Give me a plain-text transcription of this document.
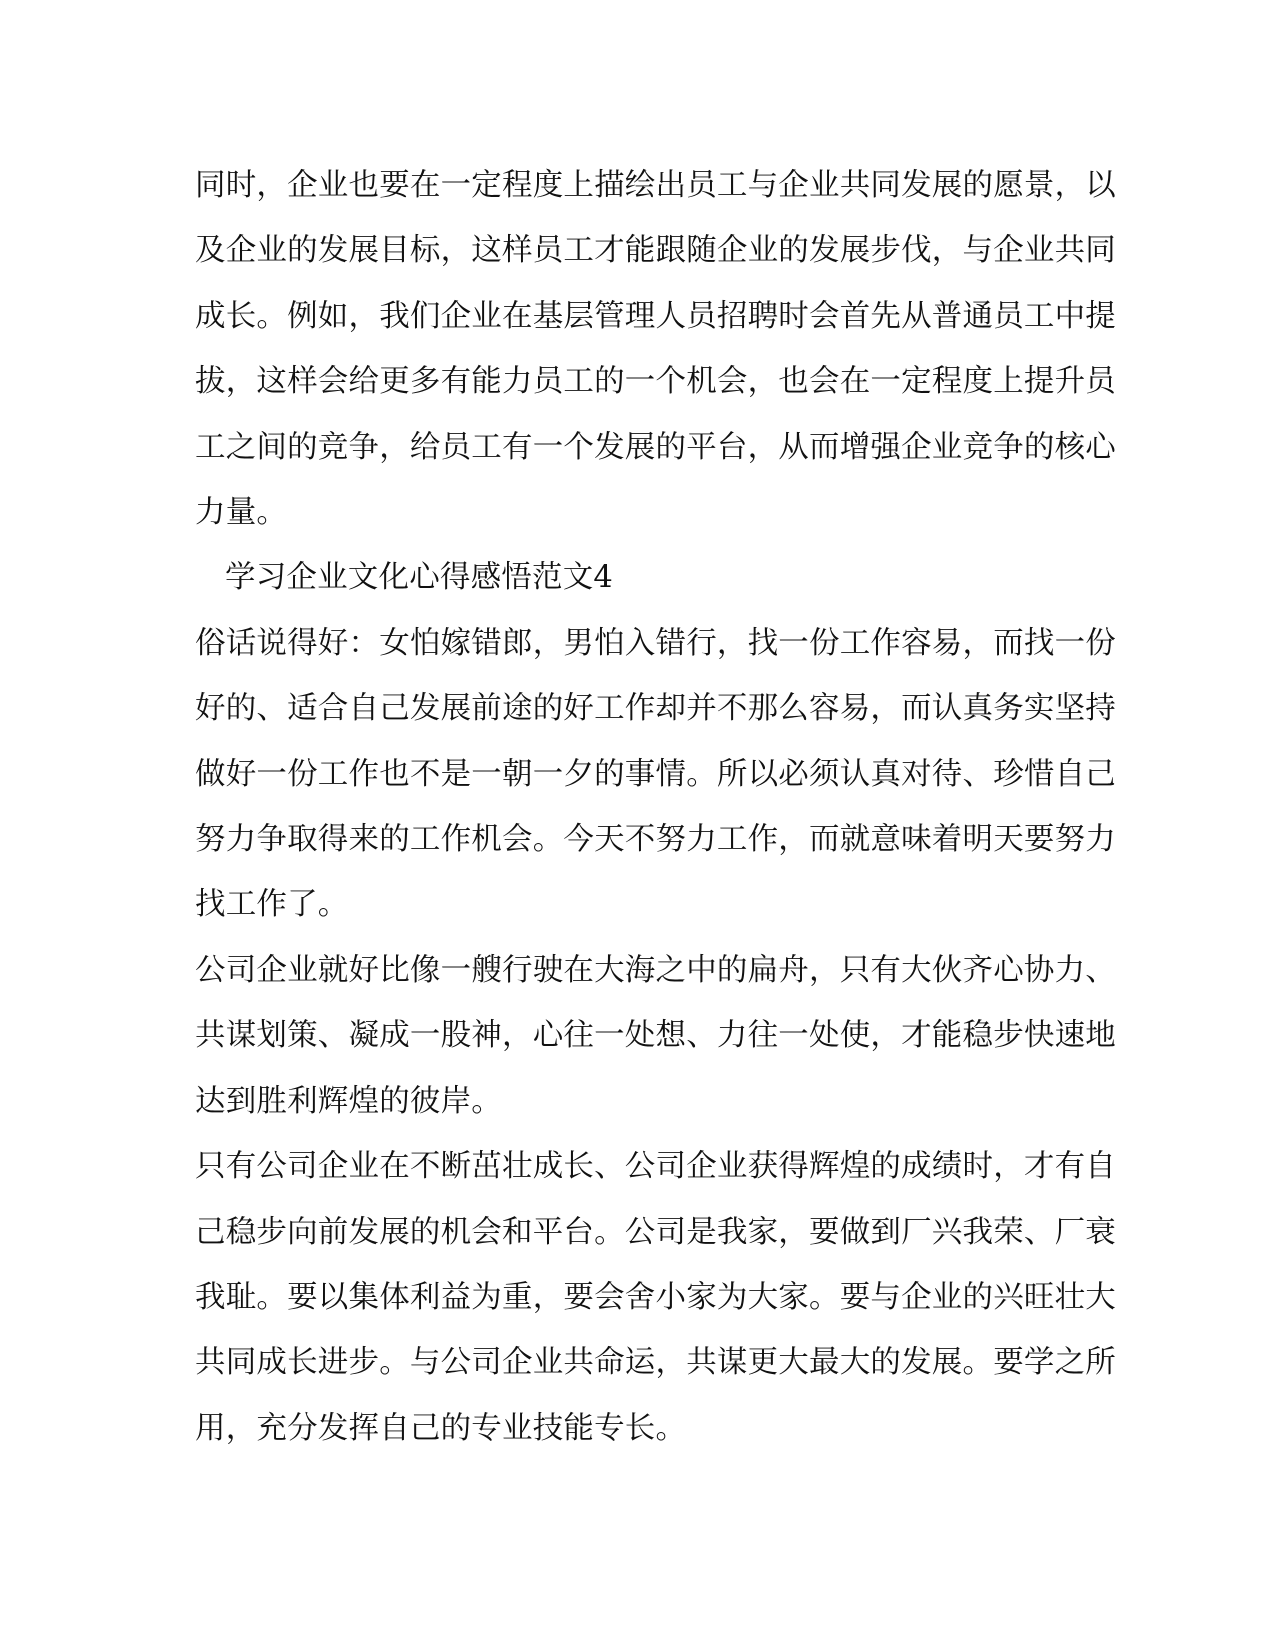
同时，企业也要在一定程度上描绘出员工与企业共同发展的愿景，以
及企业的发展目标，这样员工才能跟随企业的发展步伐，与企业共同
成长。例如，我们企业在基层管理人员招聘时会首先从普通员工中提
拔，这样会给更多有能力员工的一个机会，也会在一定程度上提升员
工之间的竞争，给员工有一个发展的平台，从而增强企业竞争的核心
力量。

学习企业文化心得感悟范文4

俗话说得好：女怕嫁错郎，男怕入错行，找一份工作容易，而找一份
好的、适合自己发展前途的好工作却并不那么容易，而认真务实坚持
做好一份工作也不是一朝一夕的事情。所以必须认真对待、珍惜自己
努力争取得来的工作机会。今天不努力工作，而就意味着明天要努力
找工作了。

公司企业就好比像一艘行驶在大海之中的扁舟，只有大伙齐心协力、
共谋划策、凝成一股神，心往一处想、力往一处使，才能稳步快速地
达到胜利辉煌的彼岸。

只有公司企业在不断茁壮成长、公司企业获得辉煌的成绩时，才有自
己稳步向前发展的机会和平台。公司是我家，要做到厂兴我荣、厂衰
我耻。要以集体利益为重，要会舍小家为大家。要与企业的兴旺壮大
共同成长进步。与公司企业共命运，共谋更大最大的发展。要学之所
用，充分发挥自己的专业技能专长。
